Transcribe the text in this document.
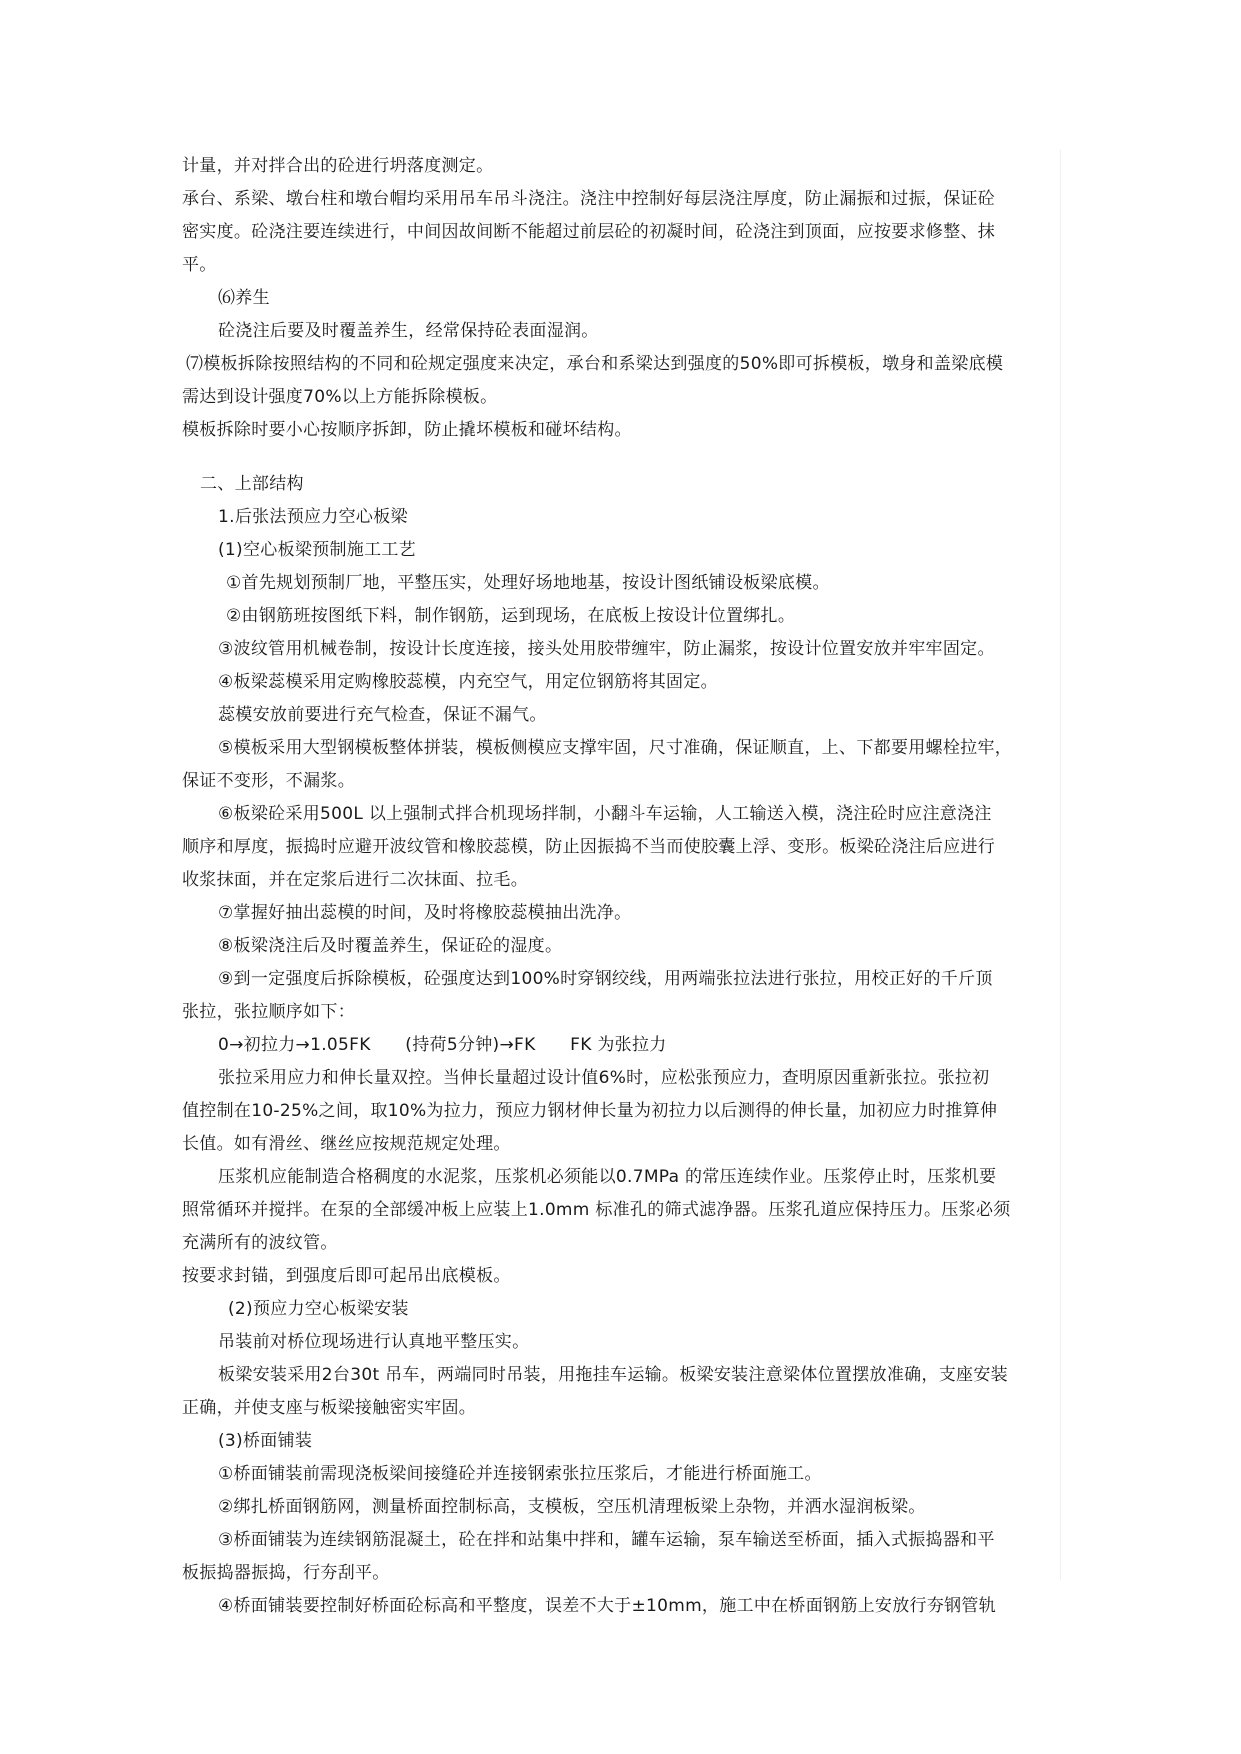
计量，并对拌合出的砼进行坍落度测定。
承台、系梁、墩台柱和墩台帽均采用吊车吊斗浇注。浇注中控制好每层浇注厚度，防止漏振和过振，保证砼
密实度。砼浇注要连续进行，中间因故间断不能超过前层砼的初凝时间，砼浇注到顶面，应按要求修整、抹
平。
⑹养生
砼浇注后要及时覆盖养生，经常保持砼表面湿润。
⑺模板拆除按照结构的不同和砼规定强度来决定，承台和系梁达到强度的50%即可拆模板，墩身和盖梁底模
需达到设计强度70%以上方能拆除模板。
模板拆除时要小心按顺序拆卸，防止撬坏模板和碰坏结构。
二、上部结构
1.后张法预应力空心板梁
(1)空心板梁预制施工工艺
①首先规划预制厂地，平整压实，处理好场地地基，按设计图纸铺设板梁底模。
②由钢筋班按图纸下料，制作钢筋，运到现场，在底板上按设计位置绑扎。
③波纹管用机械卷制，按设计长度连接，接头处用胶带缠牢，防止漏浆，按设计位置安放并牢牢固定。
④板梁蕊模采用定购橡胶蕊模，内充空气，用定位钢筋将其固定。
蕊模安放前要进行充气检查，保证不漏气。
⑤模板采用大型钢模板整体拼装，模板侧模应支撑牢固，尺寸准确，保证顺直，上、下都要用螺栓拉牢，
保证不变形，不漏浆。
⑥板梁砼采用500L 以上强制式拌合机现场拌制，小翻斗车运输，人工输送入模，浇注砼时应注意浇注
顺序和厚度，振捣时应避开波纹管和橡胶蕊模，防止因振捣不当而使胶囊上浮、变形。板梁砼浇注后应进行
收浆抹面，并在定浆后进行二次抹面、拉毛。
⑦掌握好抽出蕊模的时间，及时将橡胶蕊模抽出洗净。
⑧板梁浇注后及时覆盖养生，保证砼的湿度。
⑨到一定强度后拆除模板，砼强度达到100%时穿钢绞线，用两端张拉法进行张拉，用校正好的千斤顶
张拉，张拉顺序如下：
0→初拉力→1.05FK　　(持荷5分钟)→FK　　FK 为张拉力
张拉采用应力和伸长量双控。当伸长量超过设计值6%时，应松张预应力，查明原因重新张拉。张拉初
值控制在10-25%之间，取10%为拉力，预应力钢材伸长量为初拉力以后测得的伸长量，加初应力时推算伸
长值。如有滑丝、继丝应按规范规定处理。
压浆机应能制造合格稠度的水泥浆，压浆机必须能以0.7MPa 的常压连续作业。压浆停止时，压浆机要
照常循环并搅拌。在泵的全部缓冲板上应装上1.0mm 标准孔的筛式滤净器。压浆孔道应保持压力。压浆必须
充满所有的波纹管。
按要求封锚，到强度后即可起吊出底模板。
(2)预应力空心板梁安装
吊装前对桥位现场进行认真地平整压实。
板梁安装采用2台30t 吊车，两端同时吊装，用拖挂车运输。板梁安装注意梁体位置摆放准确，支座安装
正确，并使支座与板梁接触密实牢固。
(3)桥面铺装
①桥面铺装前需现浇板梁间接缝砼并连接钢索张拉压浆后，才能进行桥面施工。
②绑扎桥面钢筋网，测量桥面控制标高，支模板，空压机清理板梁上杂物，并洒水湿润板梁。
③桥面铺装为连续钢筋混凝土，砼在拌和站集中拌和，罐车运输，泵车输送至桥面，插入式振捣器和平
板振捣器振捣，行夯刮平。
④桥面铺装要控制好桥面砼标高和平整度，误差不大于±10mm，施工中在桥面钢筋上安放行夯钢管轨
